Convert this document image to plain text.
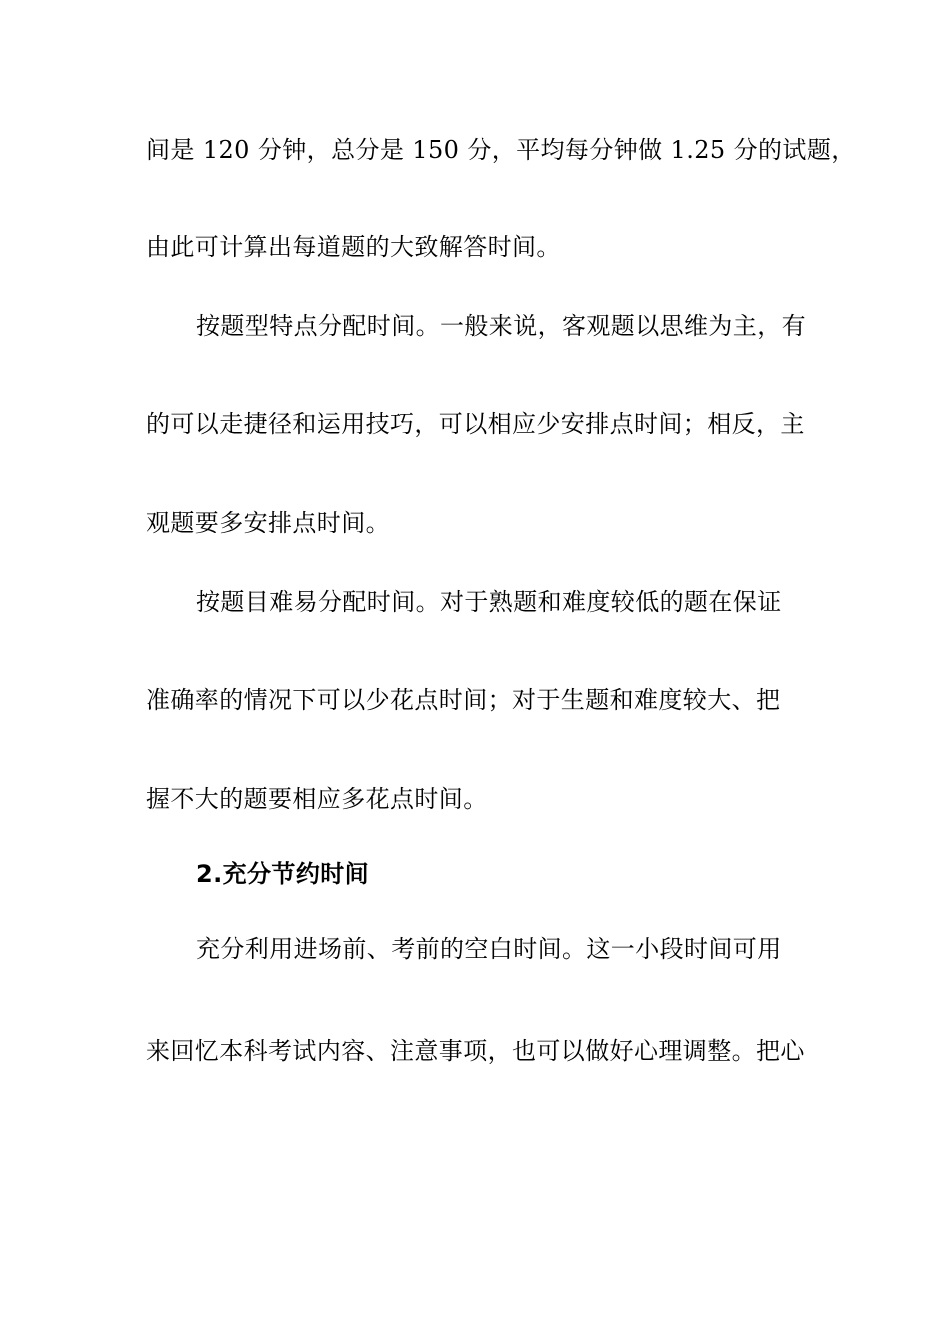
间是 120 分钟，总分是 150 分，平均每分钟做 1.25 分的试题，
由此可计算出每道题的大致解答时间。
按题型特点分配时间。一般来说，客观题以思维为主，有
的可以走捷径和运用技巧，可以相应少安排点时间；相反，主
观题要多安排点时间。
按题目难易分配时间。对于熟题和难度较低的题在保证
准确率的情况下可以少花点时间；对于生题和难度较大、把
握不大的题要相应多花点时间。
2.充分节约时间
充分利用进场前、考前的空白时间。这一小段时间可用
来回忆本科考试内容、注意事项，也可以做好心理调整。把心
